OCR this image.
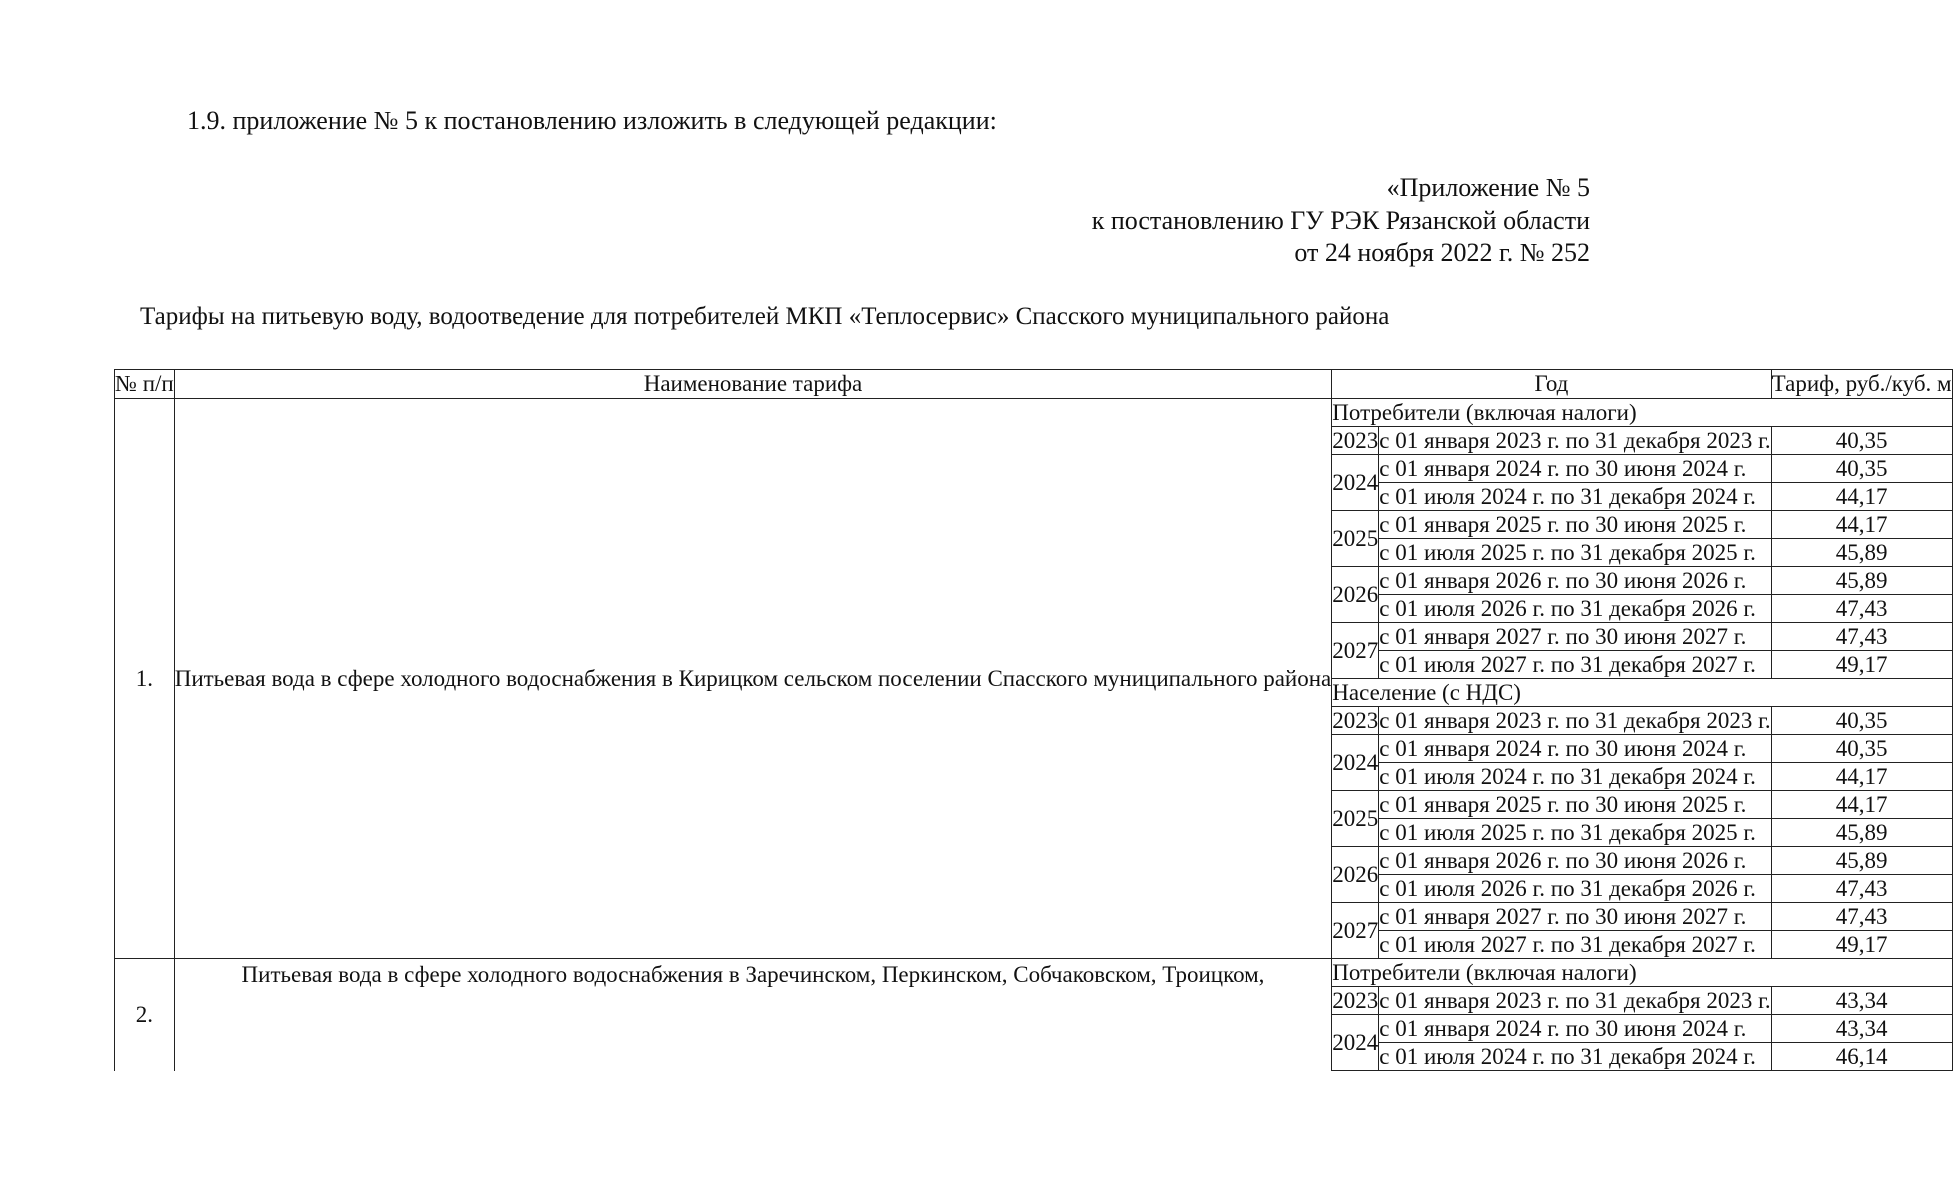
1.9. приложение № 5 к постановлению изложить в следующей редакции:
«Приложение № 5
к постановлению ГУ РЭК Рязанской области
от 24 ноября 2022 г. № 252
Тарифы на питьевую воду, водоотведение для потребителей МКП «Теплосервис» Спасского муниципального района
№ п/п	Наименование тарифа	Год		Тариф, руб./куб. м
1.	Питьевая вода в сфере холодного водоснабжения в Кирицком сельском поселении Спасского муниципального района	Потребители (включая налоги)		
		2023	с 01 января 2023 г. по 31 декабря 2023 г.	40,35
		2024	с 01 января 2024 г. по 30 июня 2024 г.	40,35
			с 01 июля 2024 г. по 31 декабря 2024 г.	44,17
		2025	с 01 января 2025 г. по 30 июня 2025 г.	44,17
			с 01 июля 2025 г. по 31 декабря 2025 г.	45,89
		2026	с 01 января 2026 г. по 30 июня 2026 г.	45,89
			с 01 июля 2026 г. по 31 декабря 2026 г.	47,43
		2027	с 01 января 2027 г. по 30 июня 2027 г.	47,43
			с 01 июля 2027 г. по 31 декабря 2027 г.	49,17
		Население (с НДС)		
		2023	с 01 января 2023 г. по 31 декабря 2023 г.	40,35
		2024	с 01 января 2024 г. по 30 июня 2024 г.	40,35
			с 01 июля 2024 г. по 31 декабря 2024 г.	44,17
		2025	с 01 января 2025 г. по 30 июня 2025 г.	44,17
			с 01 июля 2025 г. по 31 декабря 2025 г.	45,89
		2026	с 01 января 2026 г. по 30 июня 2026 г.	45,89
			с 01 июля 2026 г. по 31 декабря 2026 г.	47,43
		2027	с 01 января 2027 г. по 30 июня 2027 г.	47,43
			с 01 июля 2027 г. по 31 декабря 2027 г.	49,17
2.	Питьевая вода в сфере холодного водоснабжения в Заречинском, Перкинском, Собчаковском, Троицком,	Потребители (включая налоги)		
		2023	с 01 января 2023 г. по 31 декабря 2023 г.	43,34
		2024	с 01 января 2024 г. по 30 июня 2024 г.	43,34
			с 01 июля 2024 г. по 31 декабря 2024 г.	46,14
